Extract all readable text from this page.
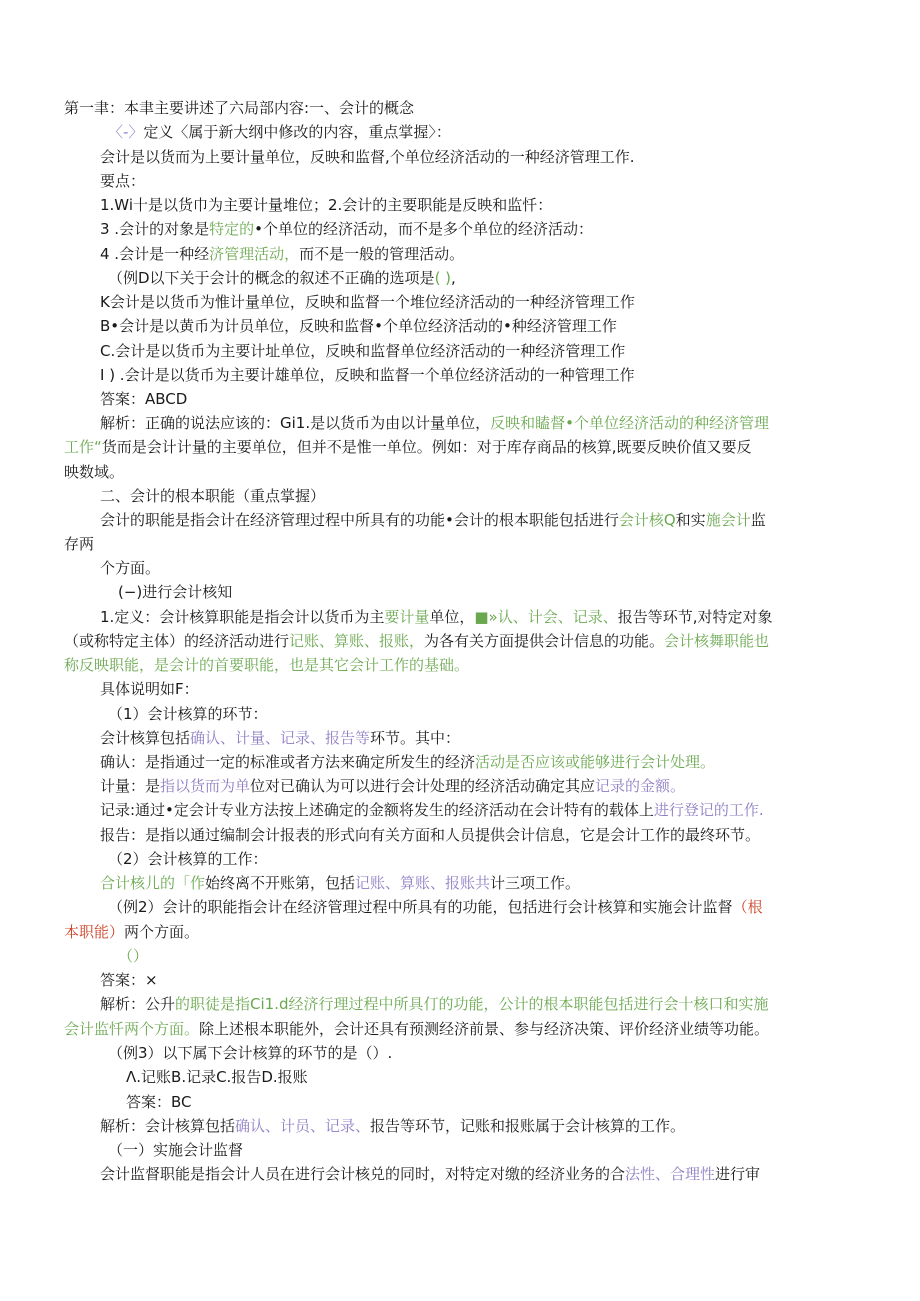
第一聿：本聿主要讲述了六局部内容:一、会计的概念
〈-〉定义〈属于新大纲中修改的内容，重点掌握〉：
会计是以货而为上要计量单位，反映和监督,个单位经济活动的一种经济管理工作.
要点：
1.Wi十是以货巾为主要计量堆位；2.会计的主要职能是反映和监忏：
3 .会计的对象是特定的•个单位的经济活动，而不是多个单位的经济活动：
4 .会计是一种经济管理活动，而不是一般的管理活动。
（例D以下关于会计的概念的叙述不正确的选项是( ),
K会计是以货币为惟计量单位，反映和监督一个堆位经济活动的一种经济管理工作
B•会计是以黄币为计员单位，反映和监督•个单位经济活动的•种经济管理工作
C.会计是以货币为主要计址单位，反映和监督单位经济活动的一种经济管理工作
I ) .会计是以货币为主要计雄单位，反映和监督一个单位经济活动的一种管理工作
答案：ABCD
解析：正确的说法应该的：Gi1.是以货币为由以计量单位，反映和瞌督•个单位经济活动的种经济管理
工作“货而是会计计量的主要单位，但并不是惟一单位。例如：对于库存商品的核算,既要反映价值又要反
映数域。
二、会计的根本职能（重点掌握）
会计的职能是指会计在经济管理过程中所具有的功能•会计的根本职能包括进行会计核Q和实施会计监
存两
个方面。
(−)进行会计核知
1.定义：会计核算职能是指会计以货币为主要计量单位，■»认、计会、记录、报告等环节,对特定对象
（或称特定主体）的经济活动进行记账、算账、报账，为各有关方面提供会计信息的功能。会计核舞职能也
称反映职能，是会计的首要职能，也是其它会计工作的基础。
具体说明如F：
（1）会计核算的环节：
会计核算包括确认、计量、记录、报告等环节。其中：
确认：是指通过一定的标准或者方法来确定所发生的经济活动是否应该或能够进行会计处理。
计量：是指以货而为单位对已确认为可以进行会计处理的经济活动确定其应记录的金额。
记录:通过•定会计专业方法按上述确定的金额将发生的经济活动在会计特有的载体上进行登记的工作.
报告：是指以通过编制会计报表的形式向有关方面和人员提供会计信息，它是会计工作的最终环节。
（2）会计核算的工作：
合计核儿的「作始终离不开账第，包括记账、算账、报账共计三项工作。
（例2）会计的职能指会计在经济管理过程中所具有的功能，包括进行会计核算和实施会计监督（根
本职能）两个方面。
（）
答案：×
解析：公升的职徒是指Ci1.d经济行理过程中所具仃的功能，公计的根本职能包括进行会十核口和实施
会计监忏两个方面。除上述根本职能外，会计还具有预测经济前景、参与经济决策、评价经济业绩等功能。
（例3）以下属下会计核算的环节的是（）.
Λ.记账B.记录C.报告D.报账
答案：BC
解析：会计核算包括确认、计员、记录、报告等环节，记账和报账属于会计核算的工作。
（一）实施会计监督
会计监督职能是指会计人员在进行会计核兑的同时，对特定对缴的经济业务的合法性、合理性进行审
